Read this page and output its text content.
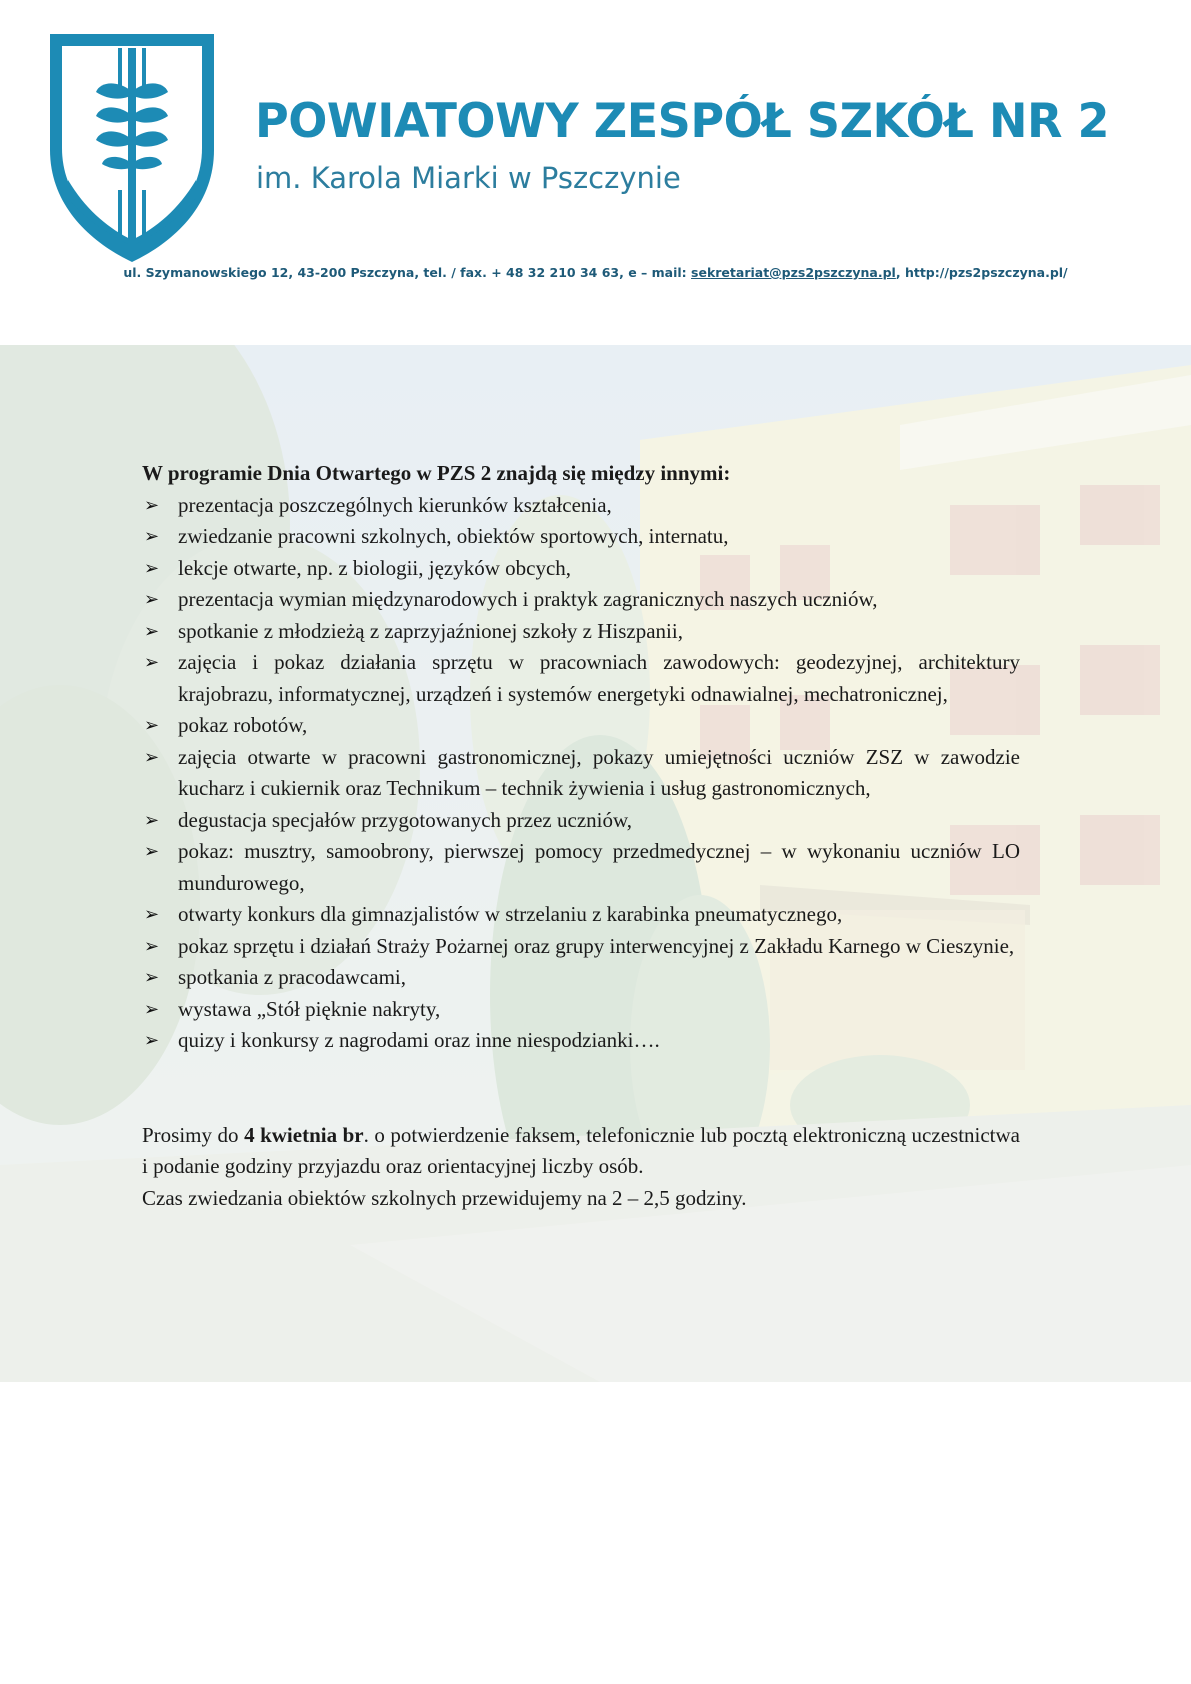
POWIATOWY ZESPÓŁ SZKÓŁ NR 2
im. Karola Miarki w Pszczynie
ul. Szymanowskiego 12, 43-200 Pszczyna, tel. / fax. + 48 32 210 34 63, e – mail: sekretariat@pzs2pszczyna.pl, http://pzs2pszczyna.pl/

W programie Dnia Otwartego w PZS 2 znajdą się między innymi:

➢ prezentacja poszczególnych kierunków kształcenia,
➢ zwiedzanie pracowni szkolnych, obiektów sportowych, internatu,
➢ lekcje otwarte, np. z biologii, języków obcych,
➢ prezentacja wymian międzynarodowych i praktyk zagranicznych naszych uczniów,
➢ spotkanie z młodzieżą z zaprzyjaźnionej szkoły z Hiszpanii,
➢ zajęcia i pokaz działania sprzętu w pracowniach zawodowych: geodezyjnej, architektury krajobrazu, informatycznej, urządzeń i systemów energetyki odnawialnej, mechatronicznej,
➢ pokaz robotów,
➢ zajęcia otwarte w pracowni gastronomicznej, pokazy umiejętności uczniów ZSZ w zawodzie kucharz i cukiernik oraz Technikum – technik żywienia i usług gastronomicznych,
➢ degustacja specjałów przygotowanych przez uczniów,
➢ pokaz: musztry, samoobrony, pierwszej pomocy przedmedycznej – w wykonaniu uczniów LO mundurowego,
➢ otwarty konkurs dla gimnazjalistów w strzelaniu z karabinka pneumatycznego,
➢ pokaz sprzętu i działań Straży Pożarnej oraz grupy interwencyjnej z Zakładu Karnego w Cieszynie,
➢ spotkania z pracodawcami,
➢ wystawa „Stół pięknie nakryty,
➢ quizy i konkursy z nagrodami oraz inne niespodzianki….

Prosimy do 4 kwietnia br. o potwierdzenie faksem, telefonicznie lub pocztą elektroniczną uczestnictwa i podanie godziny przyjazdu oraz orientacyjnej liczby osób.

Czas zwiedzania obiektów szkolnych przewidujemy na 2 – 2,5 godziny.
